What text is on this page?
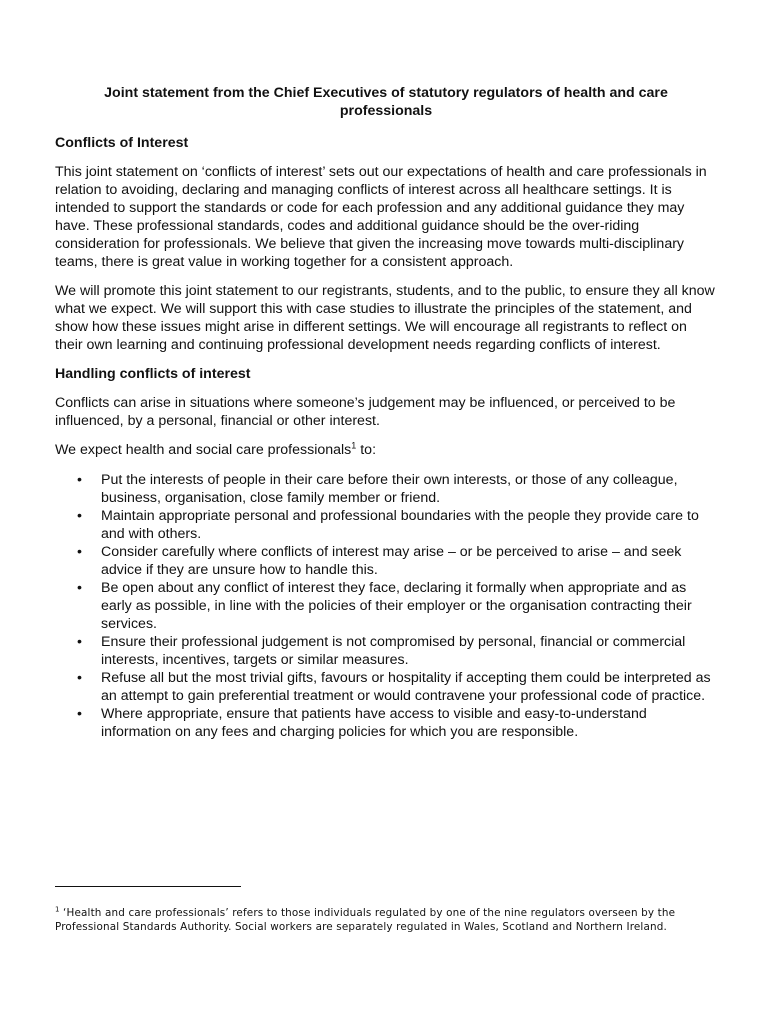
Joint statement from the Chief Executives of statutory regulators of health and care professionals
Conflicts of Interest

This joint statement on ‘conflicts of interest’ sets out our expectations of health and care professionals in relation to avoiding, declaring and managing conflicts of interest across all healthcare settings. It is intended to support the standards or code for each profession and any additional guidance they may have. These professional standards, codes and additional guidance should be the over-riding consideration for professionals. We believe that given the increasing move towards multi-disciplinary teams, there is great value in working together for a consistent approach.

We will promote this joint statement to our registrants, students, and to the public, to ensure they all know what we expect. We will support this with case studies to illustrate the principles of the statement, and show how these issues might arise in different settings. We will encourage all registrants to reflect on their own learning and continuing professional development needs regarding conflicts of interest.

Handling conflicts of interest

Conflicts can arise in situations where someone’s judgement may be influenced, or perceived to be influenced, by a personal, financial or other interest.

We expect health and social care professionals$^1$ to:

• Put the interests of people in their care before their own interests, or those of any colleague, business, organisation, close family member or friend.
• Maintain appropriate personal and professional boundaries with the people they provide care to and with others.
• Consider carefully where conflicts of interest may arise – or be perceived to arise – and seek advice if they are unsure how to handle this.
• Be open about any conflict of interest they face, declaring it formally when appropriate and as early as possible, in line with the policies of their employer or the organisation contracting their services.
• Ensure their professional judgement is not compromised by personal, financial or commercial interests, incentives, targets or similar measures.
• Refuse all but the most trivial gifts, favours or hospitality if accepting them could be interpreted as an attempt to gain preferential treatment or would contravene your professional code of practice.
• Where appropriate, ensure that patients have access to visible and easy-to-understand information on any fees and charging policies for which you are responsible.
$^1$ ‘Health and care professionals’ refers to those individuals regulated by one of the nine regulators overseen by the Professional Standards Authority. Social workers are separately regulated in Wales, Scotland and Northern Ireland.
